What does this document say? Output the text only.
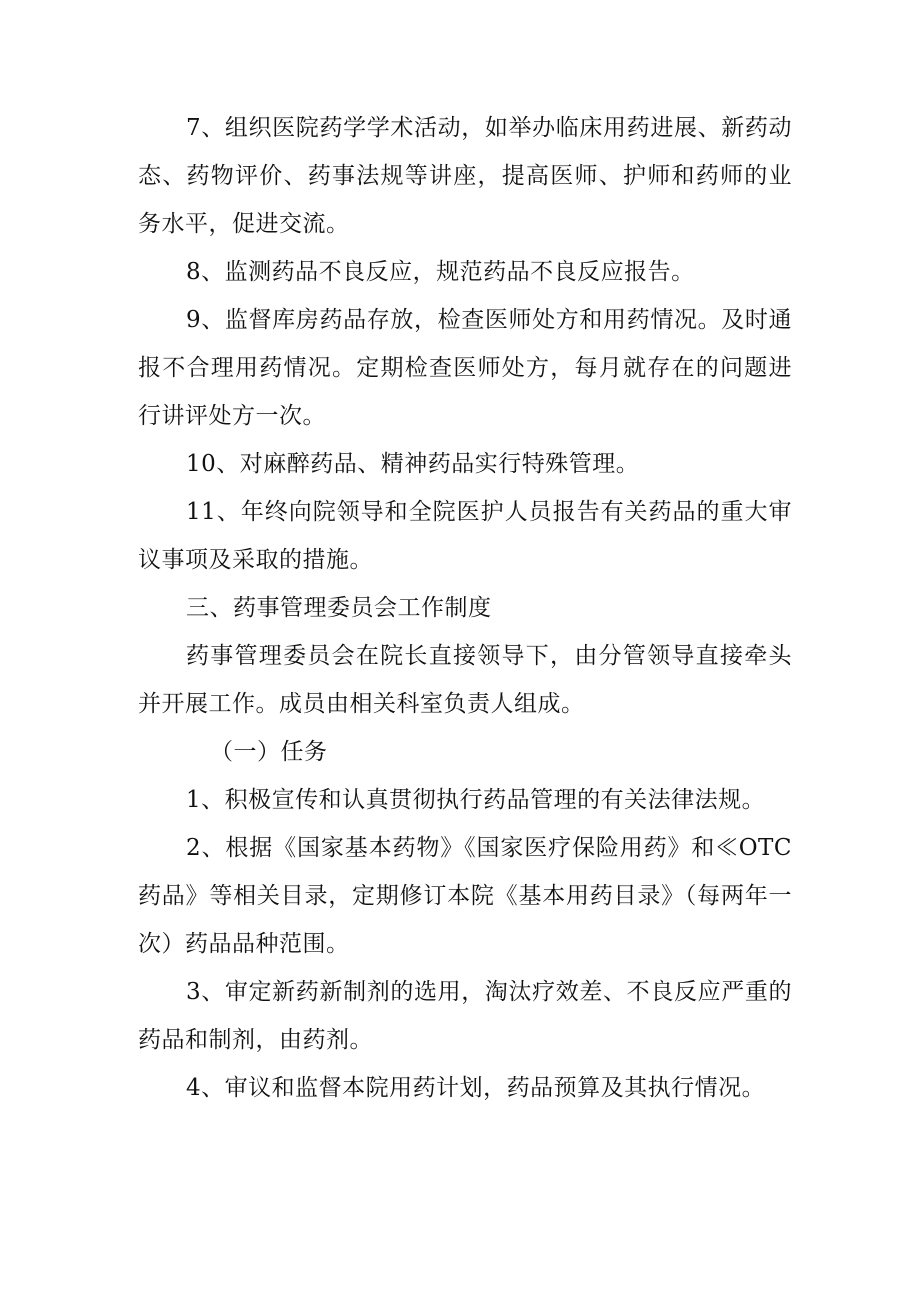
7、组织医院药学学术活动，如举办临床用药进展、新药动态、药物评价、药事法规等讲座，提高医师、护师和药师的业务水平，促进交流。

8、监测药品不良反应，规范药品不良反应报告。

9、监督库房药品存放，检查医师处方和用药情况。及时通报不合理用药情况。定期检查医师处方，每月就存在的问题进行讲评处方一次。

10、对麻醉药品、精神药品实行特殊管理。

11、年终向院领导和全院医护人员报告有关药品的重大审议事项及采取的措施。

三、药事管理委员会工作制度

药事管理委员会在院长直接领导下，由分管领导直接牵头并开展工作。成员由相关科室负责人组成。

（一）任务

1、积极宣传和认真贯彻执行药品管理的有关法律法规。

2、根据《国家基本药物》《国家医疗保险用药》和≪OTC药品》等相关目录，定期修订本院《基本用药目录》（每两年一次）药品品种范围。

3、审定新药新制剂的选用，淘汰疗效差、不良反应严重的药品和制剂，由药剂。

4、审议和监督本院用药计划，药品预算及其执行情况。
